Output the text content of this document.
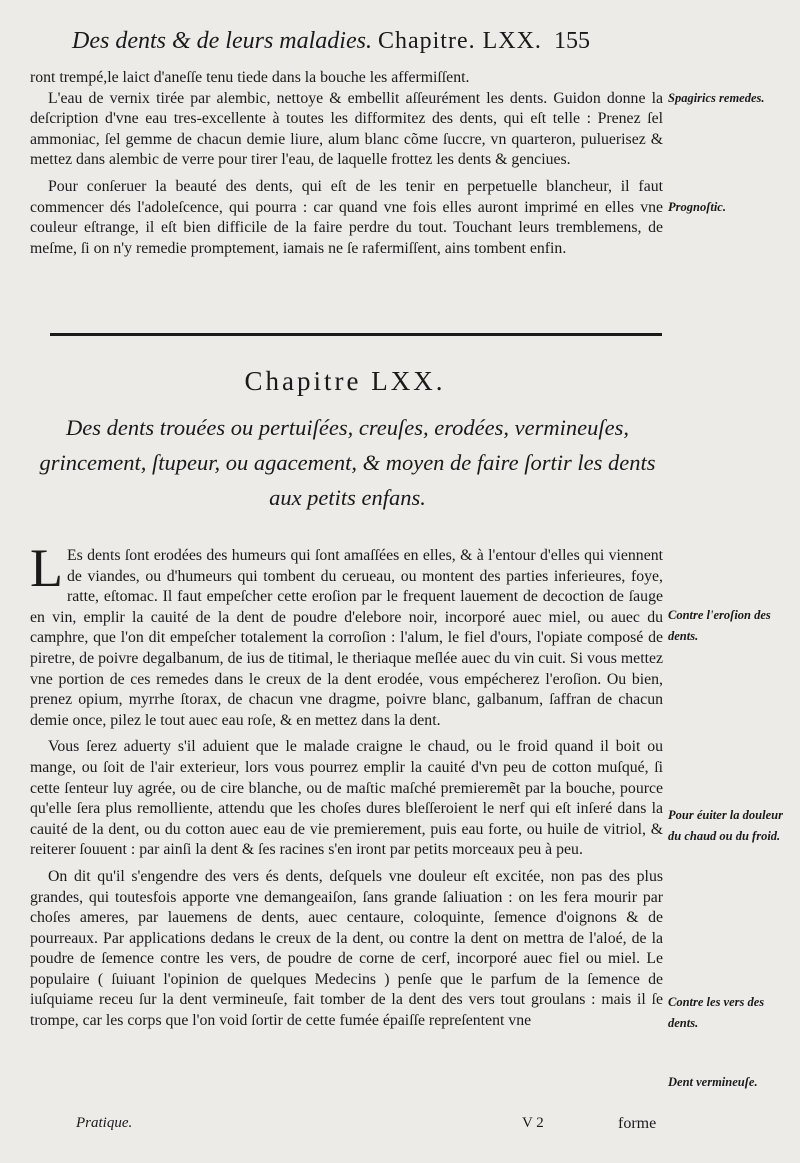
Des dents & de leurs maladies. Chapitre. LXX. 155

ront trempé,le laict d'aneſſe tenu tiede dans la bouche les affermiſſent.

L'eau de vernix tirée par alembic, nettoye & embellit aſſeurément les dents. Guidon donne la deſcription d'vne eau tres-excellente à toutes les difformitez des dents, qui eſt telle : Prenez ſel ammoniac, ſel gemme de chacun demie liure, alum blanc cõme ſuccre, vn quarteron, puluerisez & mettez dans alembic de verre pour tirer l'eau, de laquelle frottez les dents & genciues.

Pour conſeruer la beauté des dents, qui eſt de les tenir en perpetuelle blancheur, il faut commencer dés l'adoleſcence, qui pourra : car quand vne fois elles auront imprimé en elles vne couleur eſtrange, il eſt bien difficile de la faire perdre du tout. Touchant leurs tremblemens, de meſme, ſi on n'y remedie promptement, iamais ne ſe rafermiſſent, ains tombent enfin.

Spagirics remedes.
Prognoſtic.
Chapitre LXX.
Des dents trouées ou pertuiſées, creuſes, erodées, vermineuſes, grincement, ſtupeur, ou agacement, & moyen de faire ſortir les dents aux petits enfans.

L Es dents ſont erodées des humeurs qui ſont amaſſées en elles, & à l'entour d'elles qui viennent de viandes, ou d'humeurs qui tombent du cerueau, ou montent des parties inferieures, foye, ratte, eſtomac. Il faut empeſcher cette eroſion par le frequent lauement de decoction de ſauge en vin, emplir la cauité de la dent de poudre d'elebore noir, incorporé auec miel, ou auec du camphre, que l'on dit empeſcher totalement la corroſion : l'alum, le fiel d'ours, l'opiate composé de piretre, de poivre degalbanum, de ius de titimal, le theriaque meſlée auec du vin cuit. Si vous mettez vne portion de ces remedes dans le creux de la dent erodée, vous empécherez l'eroſion. Ou bien, prenez opium, myrrhe ſtorax, de chacun vne dragme, poivre blanc, galbanum, ſaffran de chacun demie once, pilez le tout auec eau roſe, & en mettez dans la dent.

Vous ſerez aduerty s'il aduient que le malade craigne le chaud, ou le froid quand il boit ou mange, ou ſoit de l'air exterieur, lors vous pourrez emplir la cauité d'vn peu de cotton muſqué, ſi cette ſenteur luy agrée, ou de cire blanche, ou de maſtic maſché premieremẽt par la bouche, pource qu'elle ſera plus remolliente, attendu que les choſes dures bleſſeroient le nerf qui eſt inſeré dans la cauité de la dent, ou du cotton auec eau de vie premierement, puis eau forte, ou huile de vitriol, & reiterer ſouuent : par ainſi la dent & ſes racines s'en iront par petits morceaux peu à peu.

On dit qu'il s'engendre des vers és dents, deſquels vne douleur eſt excitée, non pas des plus grandes, qui toutesfois apporte vne demangeaiſon, ſans grande ſaliuation : on les fera mourir par choſes ameres, par lauemens de dents, auec centaure, coloquinte, ſemence d'oignons & de pourreaux. Par applications dedans le creux de la dent, ou contre la dent on mettra de l'aloé, de la poudre de ſemence contre les vers, de poudre de corne de cerf, incorporé auec fiel ou miel. Le populaire ( ſuiuant l'opinion de quelques Medecins ) penſe que le parfum de la ſemence de iuſquiame receu ſur la dent vermineuſe, fait tomber de la dent des vers tout groulans : mais il ſe trompe, car les corps que l'on void ſortir de cette fumée épaiſſe repreſentent vne

Contre l'eroſion des dents.
Pour éuiter la douleur du chaud ou du froid.
Contre les vers des dents.
Dent vermineuſe.
Pratique.	V 2	forme
